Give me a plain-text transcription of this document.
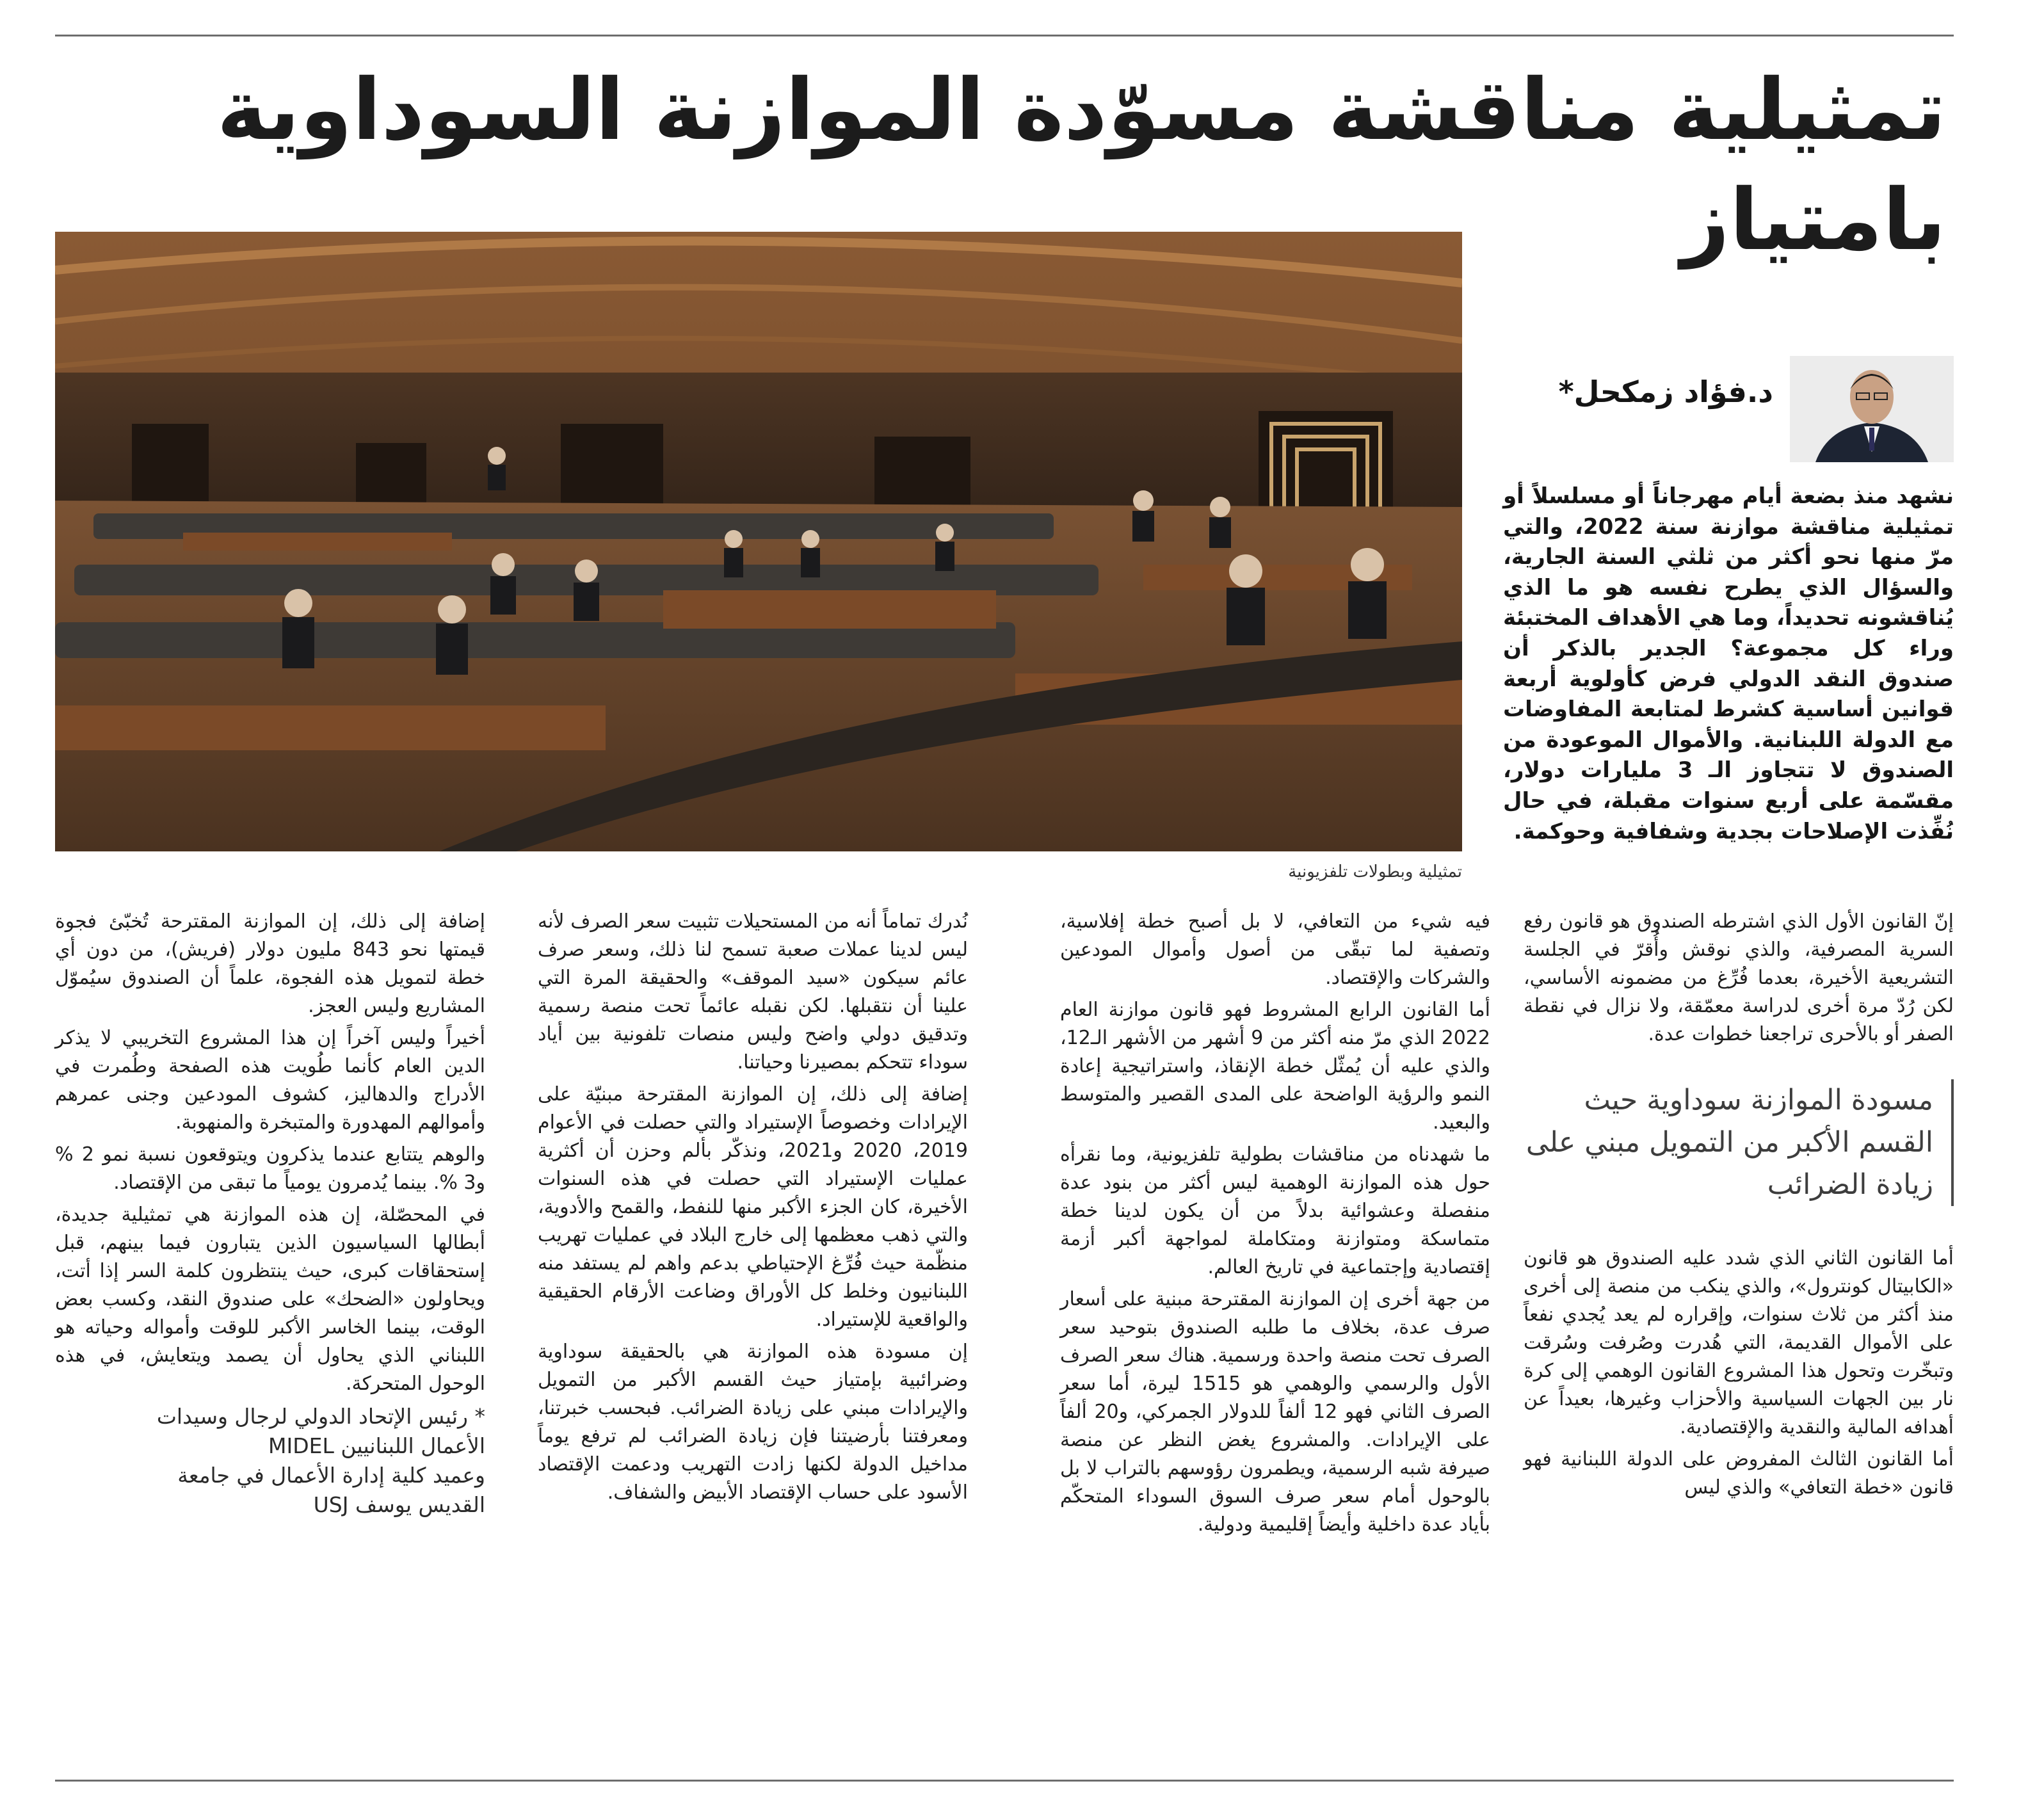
تمثيلية مناقشة مسوّدة الموازنة السوداوية بامتياز

تمثيلية وبطولات تلفزيونية

د.فؤاد زمكحل*

نشهد منذ بضعة أيام مهرجاناً أو مسلسلاً أو تمثيلية مناقشة موازنة سنة 2022، والتي مرّ منها نحو أكثر من ثلثي السنة الجارية، والسؤال الذي يطرح نفسه هو ما الذي يُناقشونه تحديداً، وما هي الأهداف المختبئة وراء كل مجموعة؟ الجدير بالذكر أن صندوق النقد الدولي فرض كأولوية أربعة قوانين أساسية كشرط لمتابعة المفاوضات مع الدولة اللبنانية. والأموال الموعودة من الصندوق لا تتجاوز الـ 3 مليارات دولار، مقسّمة على أربع سنوات مقبلة، في حال نُفِّذت الإصلاحات بجدية وشفافية وحوكمة.

إنّ القانون الأول الذي اشترطه الصندوق هو قانون رفع السرية المصرفية، والذي نوقش وأُقرّ في الجلسة التشريعية الأخيرة، بعدما فُرِّغ من مضمونه الأساسي، لكن رُدّ مرة أخرى لدراسة معمّقة، ولا نزال في نقطة الصفر أو بالأحرى تراجعنا خطوات عدة.

مسودة الموازنة سوداوية حيث القسم الأكبر من التمويل مبني على زيادة الضرائب

أما القانون الثاني الذي شدد عليه الصندوق هو قانون «الكابيتال كونترول»، والذي ينكب من منصة إلى أخرى منذ أكثر من ثلاث سنوات، وإقراره لم يعد يُجدي نفعاً على الأموال القديمة، التي هُدرت وصُرفت وسُرقت وتبخّرت وتحول هذا المشروع القانون الوهمي إلى كرة نار بين الجهات السياسية والأحزاب وغيرها، بعيداً عن أهدافه المالية والنقدية والإقتصادية.

أما القانون الثالث المفروض على الدولة اللبنانية فهو قانون «خطة التعافي» والذي ليس

فيه شيء من التعافي، لا بل أصبح خطة إفلاسية، وتصفية لما تبقّى من أصول وأموال المودعين والشركات والإقتصاد.

أما القانون الرابع المشروط فهو قانون موازنة العام 2022 الذي مرّ منه أكثر من 9 أشهر من الأشهر الـ12، والذي عليه أن يُمثّل خطة الإنقاذ، واستراتيجية إعادة النمو والرؤية الواضحة على المدى القصير والمتوسط والبعيد.

ما شهدناه من مناقشات بطولية تلفزيونية، وما نقرأه حول هذه الموازنة الوهمية ليس أكثر من بنود عدة منفصلة وعشوائية بدلاً من أن يكون لدينا خطة متماسكة ومتوازنة ومتكاملة لمواجهة أكبر أزمة إقتصادية وإجتماعية في تاريخ العالم.

من جهة أخرى إن الموازنة المقترحة مبنية على أسعار صرف عدة، بخلاف ما طلبه الصندوق بتوحيد سعر الصرف تحت منصة واحدة ورسمية. هناك سعر الصرف الأول والرسمي والوهمي هو 1515 ليرة، أما سعر الصرف الثاني فهو 12 ألفاً للدولار الجمركي، و20 ألفاً على الإيرادات. والمشروع يغض النظر عن منصة صيرفة شبه الرسمية، ويطمرون رؤوسهم بالتراب لا بل بالوحول أمام سعر صرف السوق السوداء المتحكّم بأياد عدة داخلية وأيضاً إقليمية ودولية.

نُدرك تماماً أنه من المستحيلات تثبيت سعر الصرف لأنه ليس لدينا عملات صعبة تسمح لنا ذلك، وسعر صرف عائم سيكون «سيد الموقف» والحقيقة المرة التي علينا أن نتقبلها. لكن نقبله عائماً تحت منصة رسمية وتدقيق دولي واضح وليس منصات تلفونية بين أياد سوداء تتحكم بمصيرنا وحياتنا.

إضافة إلى ذلك، إن الموازنة المقترحة مبنيّة على الإيرادات وخصوصاً الإستيراد والتي حصلت في الأعوام 2019، 2020 و2021، ونذكّر بألم وحزن أن أكثرية عمليات الإستيراد التي حصلت في هذه السنوات الأخيرة، كان الجزء الأكبر منها للنفط، والقمح والأدوية، والتي ذهب معظمها إلى خارج البلاد في عمليات تهريب منظّمة حيث فُرِّغ الإحتياطي بدعم واهم لم يستفد منه اللبنانيون وخلط كل الأوراق وضاعت الأرقام الحقيقية والواقعية للإستيراد.

إن مسودة هذه الموازنة هي بالحقيقة سوداوية وضرائبية بإمتياز حيث القسم الأكبر من التمويل والإيرادات مبني على زيادة الضرائب. فبحسب خبرتنا، ومعرفتنا بأرضيتنا فإن زيادة الضرائب لم ترفع يوماً مداخيل الدولة لكنها زادت التهريب ودعمت الإقتصاد الأسود على حساب الإقتصاد الأبيض والشفاف.

إضافة إلى ذلك، إن الموازنة المقترحة تُخبّئ فجوة قيمتها نحو 843 مليون دولار (فريش)، من دون أي خطة لتمويل هذه الفجوة، علماً أن الصندوق سيُموّل المشاريع وليس العجز.

أخيراً وليس آخراً إن هذا المشروع التخريبي لا يذكر الدين العام كأنما طُويت هذه الصفحة وطُمرت في الأدراج والدهاليز، كشوف المودعين وجنى عمرهم وأموالهم المهدورة والمتبخرة والمنهوبة.

والوهم يتتابع عندما يذكرون ويتوقعون نسبة نمو 2 % و3 %. بينما يُدمرون يومياً ما تبقى من الإقتصاد.

في المحصّلة، إن هذه الموازنة هي تمثيلية جديدة، أبطالها السياسيون الذين يتبارون فيما بينهم، قبل إستحقاقات كبرى، حيث ينتظرون كلمة السر إذا أتت، ويحاولون «الضحك» على صندوق النقد، وكسب بعض الوقت، بينما الخاسر الأكبر للوقت وأمواله وحياته هو اللبناني الذي يحاول أن يصمد ويتعايش، في هذه الوحول المتحركة.

* رئيس الإتحاد الدولي لرجال وسيدات
الأعمال اللبنانيين MIDEL
وعميد كلية إدارة الأعمال في جامعة
القديس يوسف USJ
